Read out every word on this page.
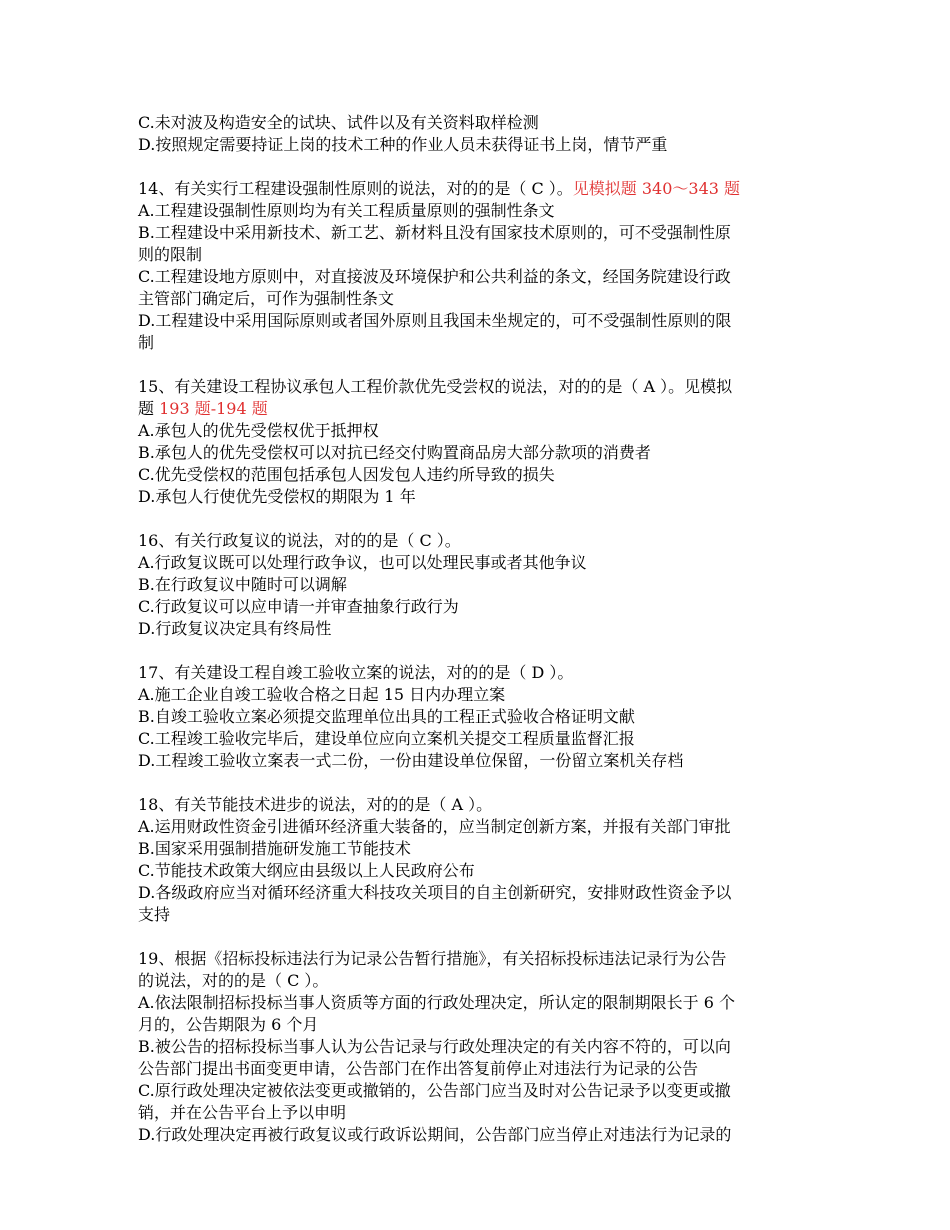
C.未对波及构造安全的试块、试件以及有关资料取样检测
D.按照规定需要持证上岗的技术工种的作业人员未获得证书上岗，情节严重
14、有关实行工程建设强制性原则的说法，对的的是（ C ）。见模拟题 340～343 题
A.工程建设强制性原则均为有关工程质量原则的强制性条文
B.工程建设中采用新技术、新工艺、新材料且没有国家技术原则的，可不受强制性原
则的限制
C.工程建设地方原则中，对直接波及环境保护和公共利益的条文，经国务院建设行政
主管部门确定后，可作为强制性条文
D.工程建设中采用国际原则或者国外原则且我国未坐规定的，可不受强制性原则的限
制
15、有关建设工程协议承包人工程价款优先受尝权的说法，对的的是（ A ）。见模拟
题 193 题-194 题
A.承包人的优先受偿权优于抵押权
B.承包人的优先受偿权可以对抗已经交付购置商品房大部分款项的消费者
C.优先受偿权的范围包括承包人因发包人违约所导致的损失
D.承包人行使优先受偿权的期限为 1 年
16、有关行政复议的说法，对的的是（ C ）。
A.行政复议既可以处理行政争议，也可以处理民事或者其他争议
B.在行政复议中随时可以调解
C.行政复议可以应申请一并审查抽象行政行为
D.行政复议决定具有终局性
17、有关建设工程自竣工验收立案的说法，对的的是（ D ）。
A.施工企业自竣工验收合格之日起 15 日内办理立案
B.自竣工验收立案必须提交监理单位出具的工程正式验收合格证明文献
C.工程竣工验收完毕后，建设单位应向立案机关提交工程质量监督汇报
D.工程竣工验收立案表一式二份，一份由建设单位保留，一份留立案机关存档
18、有关节能技术进步的说法，对的的是（ A ）。
A.运用财政性资金引进循环经济重大装备的，应当制定创新方案，并报有关部门审批
B.国家采用强制措施研发施工节能技术
C.节能技术政策大纲应由县级以上人民政府公布
D.各级政府应当对循环经济重大科技攻关项目的自主创新研究，安排财政性资金予以
支持
19、根据《招标投标违法行为记录公告暂行措施》，有关招标投标违法记录行为公告
的说法，对的的是（ C ）。
A.依法限制招标投标当事人资质等方面的行政处理决定，所认定的限制期限长于 6 个
月的，公告期限为 6 个月
B.被公告的招标投标当事人认为公告记录与行政处理决定的有关内容不符的，可以向
公告部门提出书面变更申请，公告部门在作出答复前停止对违法行为记录的公告
C.原行政处理决定被依法变更或撤销的，公告部门应当及时对公告记录予以变更或撤
销，并在公告平台上予以申明
D.行政处理决定再被行政复议或行政诉讼期间，公告部门应当停止对违法行为记录的
